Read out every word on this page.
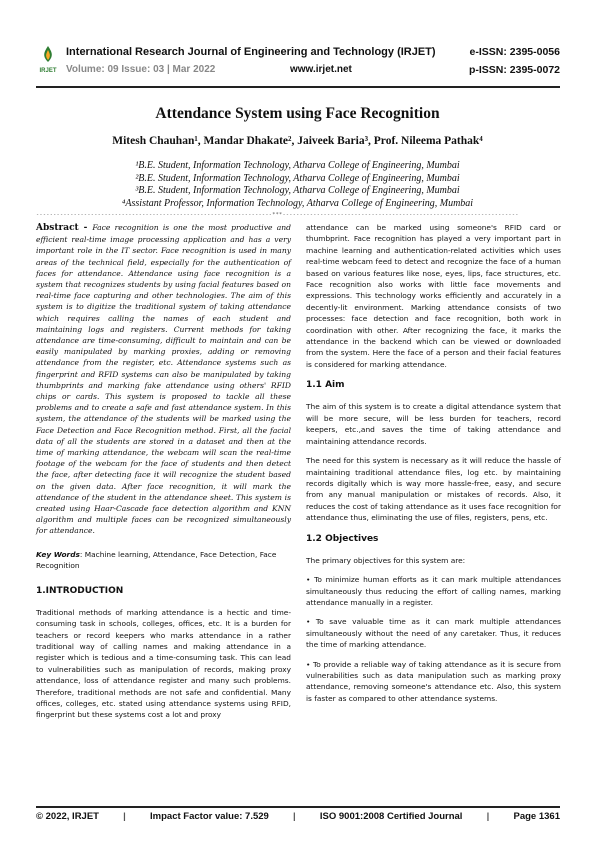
IRJET
International Research Journal of Engineering and Technology (IRJET)
Volume: 09 Issue: 03 | Mar 2022	www.irjet.net
e-ISSN: 2395-0056
p-ISSN: 2395-0072
Attendance System using Face Recognition
Mitesh Chauhan¹, Mandar Dhakate², Jaiveek Baria³, Prof. Nileema Pathak⁴
¹B.E. Student, Information Technology, Atharva College of Engineering, Mumbai
²B.E. Student, Information Technology, Atharva College of Engineering, Mumbai
³B.E. Student, Information Technology, Atharva College of Engineering, Mumbai
⁴Assistant Professor, Information Technology, Atharva College of Engineering, Mumbai
---------------------------------------------------------------------***---------------------------------------------------------------------

Abstract - Face recognition is one the most productive and efficient real-time image processing application and has a very important role in the IT sector. Face recognition is used in many areas of the technical field, especially for the authentication of faces for attendance. Attendance using face recognition is a system that recognizes students by using facial features based on real-time face capturing and other technologies. The aim of this system is to digitize the traditional system of taking attendance which requires calling the names of each student and maintaining logs and registers. Current methods for taking attendance are time-consuming, difficult to maintain and can be easily manipulated by marking proxies, adding or removing attendance from the register, etc. Attendance systems such as fingerprint and RFID systems can also be manipulated by taking thumbprints and marking fake attendance using others' RFID chips or cards. This system is proposed to tackle all these problems and to create a safe and fast attendance system. In this system, the attendance of the students will be marked using the Face Detection and Face Recognition method. First, all the facial data of all the students are stored in a dataset and then at the time of marking attendance, the webcam will scan the real-time footage of the webcam for the face of students and then detect the face, after detecting face it will recognize the student based on the given data. After face recognition, it will mark the attendance of the student in the attendance sheet. This system is created using Haar-Cascade face detection algorithm and KNN algorithm and multiple faces can be recognized simultaneously for attendance.

Key Words: Machine learning, Attendance, Face Detection, Face Recognition

1.INTRODUCTION

Traditional methods of marking attendance is a hectic and time-consuming task in schools, colleges, offices, etc. It is a burden for teachers or record keepers who marks attendance in a rather traditional way of calling names and making attendance in a register which is tedious and a time-consuming task. This can lead to vulnerabilities such as manipulation of records, making proxy attendance, loss of attendance register and many such problems. Therefore, traditional methods are not safe and confidential. Many offices, colleges, etc. stated using attendance systems using RFID, fingerprint but these systems cost a lot and proxy

attendance can be marked using someone's RFID card or thumbprint. Face recognition has played a very important part in machine learning and authentication-related activities which uses real-time webcam feed to detect and recognize the face of a human based on various features like nose, eyes, lips, face structures, etc. Face recognition also works with little face movements and expressions. This technology works efficiently and accurately in a decently-lit environment. Marking attendance consists of two processes: face detection and face recognition, both work in coordination with other. After recognizing the face, it marks the attendance in the backend which can be viewed or downloaded from the system. Here the face of a person and their facial features is considered for marking attendance.

1.1 Aim

The aim of this system is to create a digital attendance system that will be more secure, will be less burden for teachers, record keepers, etc.,and saves the time of taking attendance and maintaining attendance records.

The need for this system is necessary as it will reduce the hassle of maintaining traditional attendance files, log etc. by maintaining records digitally which is way more hassle-free, easy, and secure from any manual manipulation or mistakes of records. Also, it reduces the cost of taking attendance as it uses face recognition for attendance thus, eliminating the use of files, registers, pens, etc.

1.2 Objectives

The primary objectives for this system are:

• To minimize human efforts as it can mark multiple attendances simultaneously thus reducing the effort of calling names, marking attendance manually in a register.

• To save valuable time as it can mark multiple attendances simultaneously without the need of any caretaker. Thus, it reduces the time of marking attendance.

• To provide a reliable way of taking attendance as it is secure from vulnerabilities such as data manipulation such as marking proxy attendance, removing someone's attendance etc. Also, this system is faster as compared to other attendance systems.

© 2022, IRJET	|	Impact Factor value: 7.529	|	ISO 9001:2008 Certified Journal	|	Page 1361
